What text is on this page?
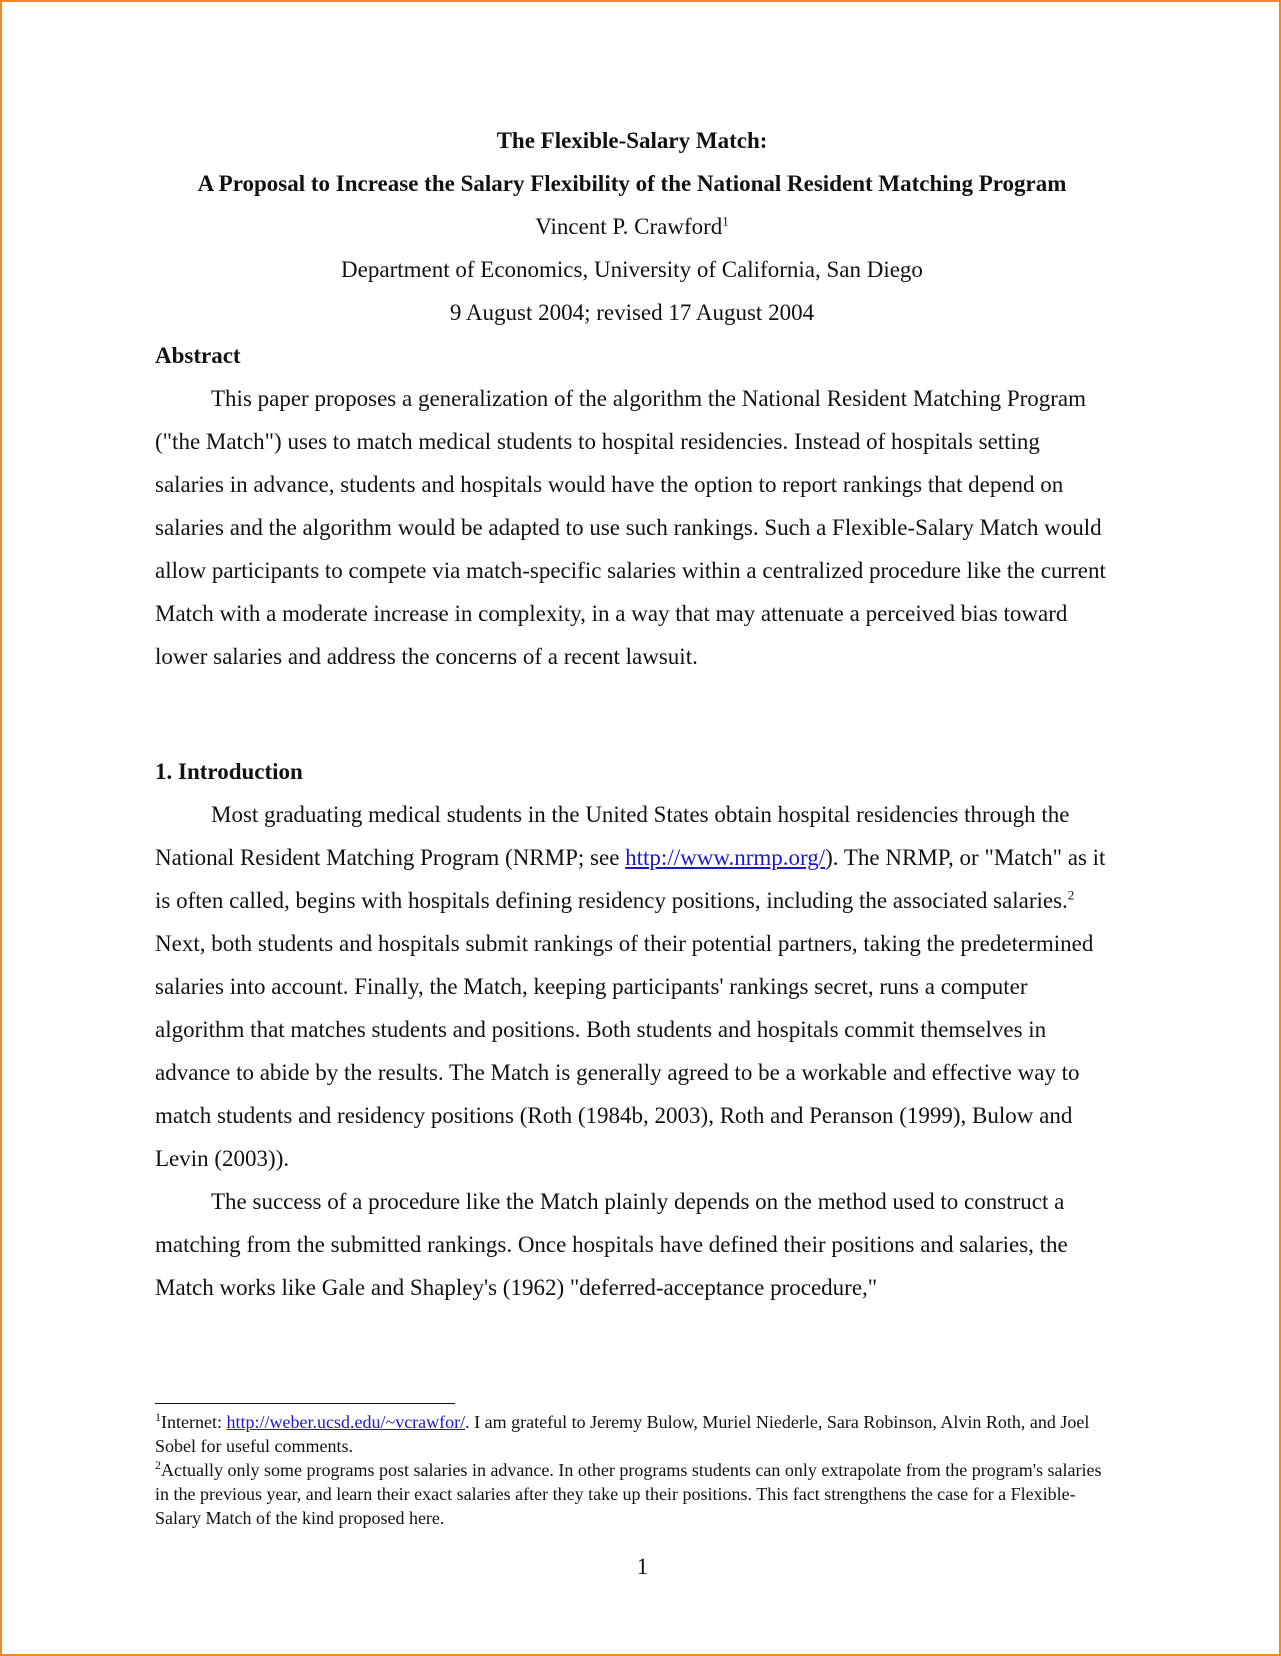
The Flexible-Salary Match:
A Proposal to Increase the Salary Flexibility of the National Resident Matching Program
Vincent P. Crawford$^1$
Department of Economics, University of California, San Diego
9 August 2004; revised 17 August 2004
Abstract

This paper proposes a generalization of the algorithm the National Resident Matching Program ("the Match") uses to match medical students to hospital residencies. Instead of hospitals setting salaries in advance, students and hospitals would have the option to report rankings that depend on salaries and the algorithm would be adapted to use such rankings. Such a Flexible-Salary Match would allow participants to compete via match-specific salaries within a centralized procedure like the current Match with a moderate increase in complexity, in a way that may attenuate a perceived bias toward lower salaries and address the concerns of a recent lawsuit.

1. Introduction

Most graduating medical students in the United States obtain hospital residencies through the National Resident Matching Program (NRMP; see http://www.nrmp.org/). The NRMP, or "Match" as it is often called, begins with hospitals defining residency positions, including the associated salaries.$^2$ Next, both students and hospitals submit rankings of their potential partners, taking the predetermined salaries into account. Finally, the Match, keeping participants' rankings secret, runs a computer algorithm that matches students and positions. Both students and hospitals commit themselves in advance to abide by the results. The Match is generally agreed to be a workable and effective way to match students and residency positions (Roth (1984b, 2003), Roth and Peranson (1999), Bulow and Levin (2003)).

The success of a procedure like the Match plainly depends on the method used to construct a matching from the submitted rankings. Once hospitals have defined their positions and salaries, the Match works like Gale and Shapley's (1962) "deferred-acceptance procedure,"

$^1$Internet: http://weber.ucsd.edu/~vcrawfor/. I am grateful to Jeremy Bulow, Muriel Niederle, Sara Robinson, Alvin Roth, and Joel Sobel for useful comments.

$^2$Actually only some programs post salaries in advance. In other programs students can only extrapolate from the program's salaries in the previous year, and learn their exact salaries after they take up their positions. This fact strengthens the case for a Flexible-Salary Match of the kind proposed here.

1
